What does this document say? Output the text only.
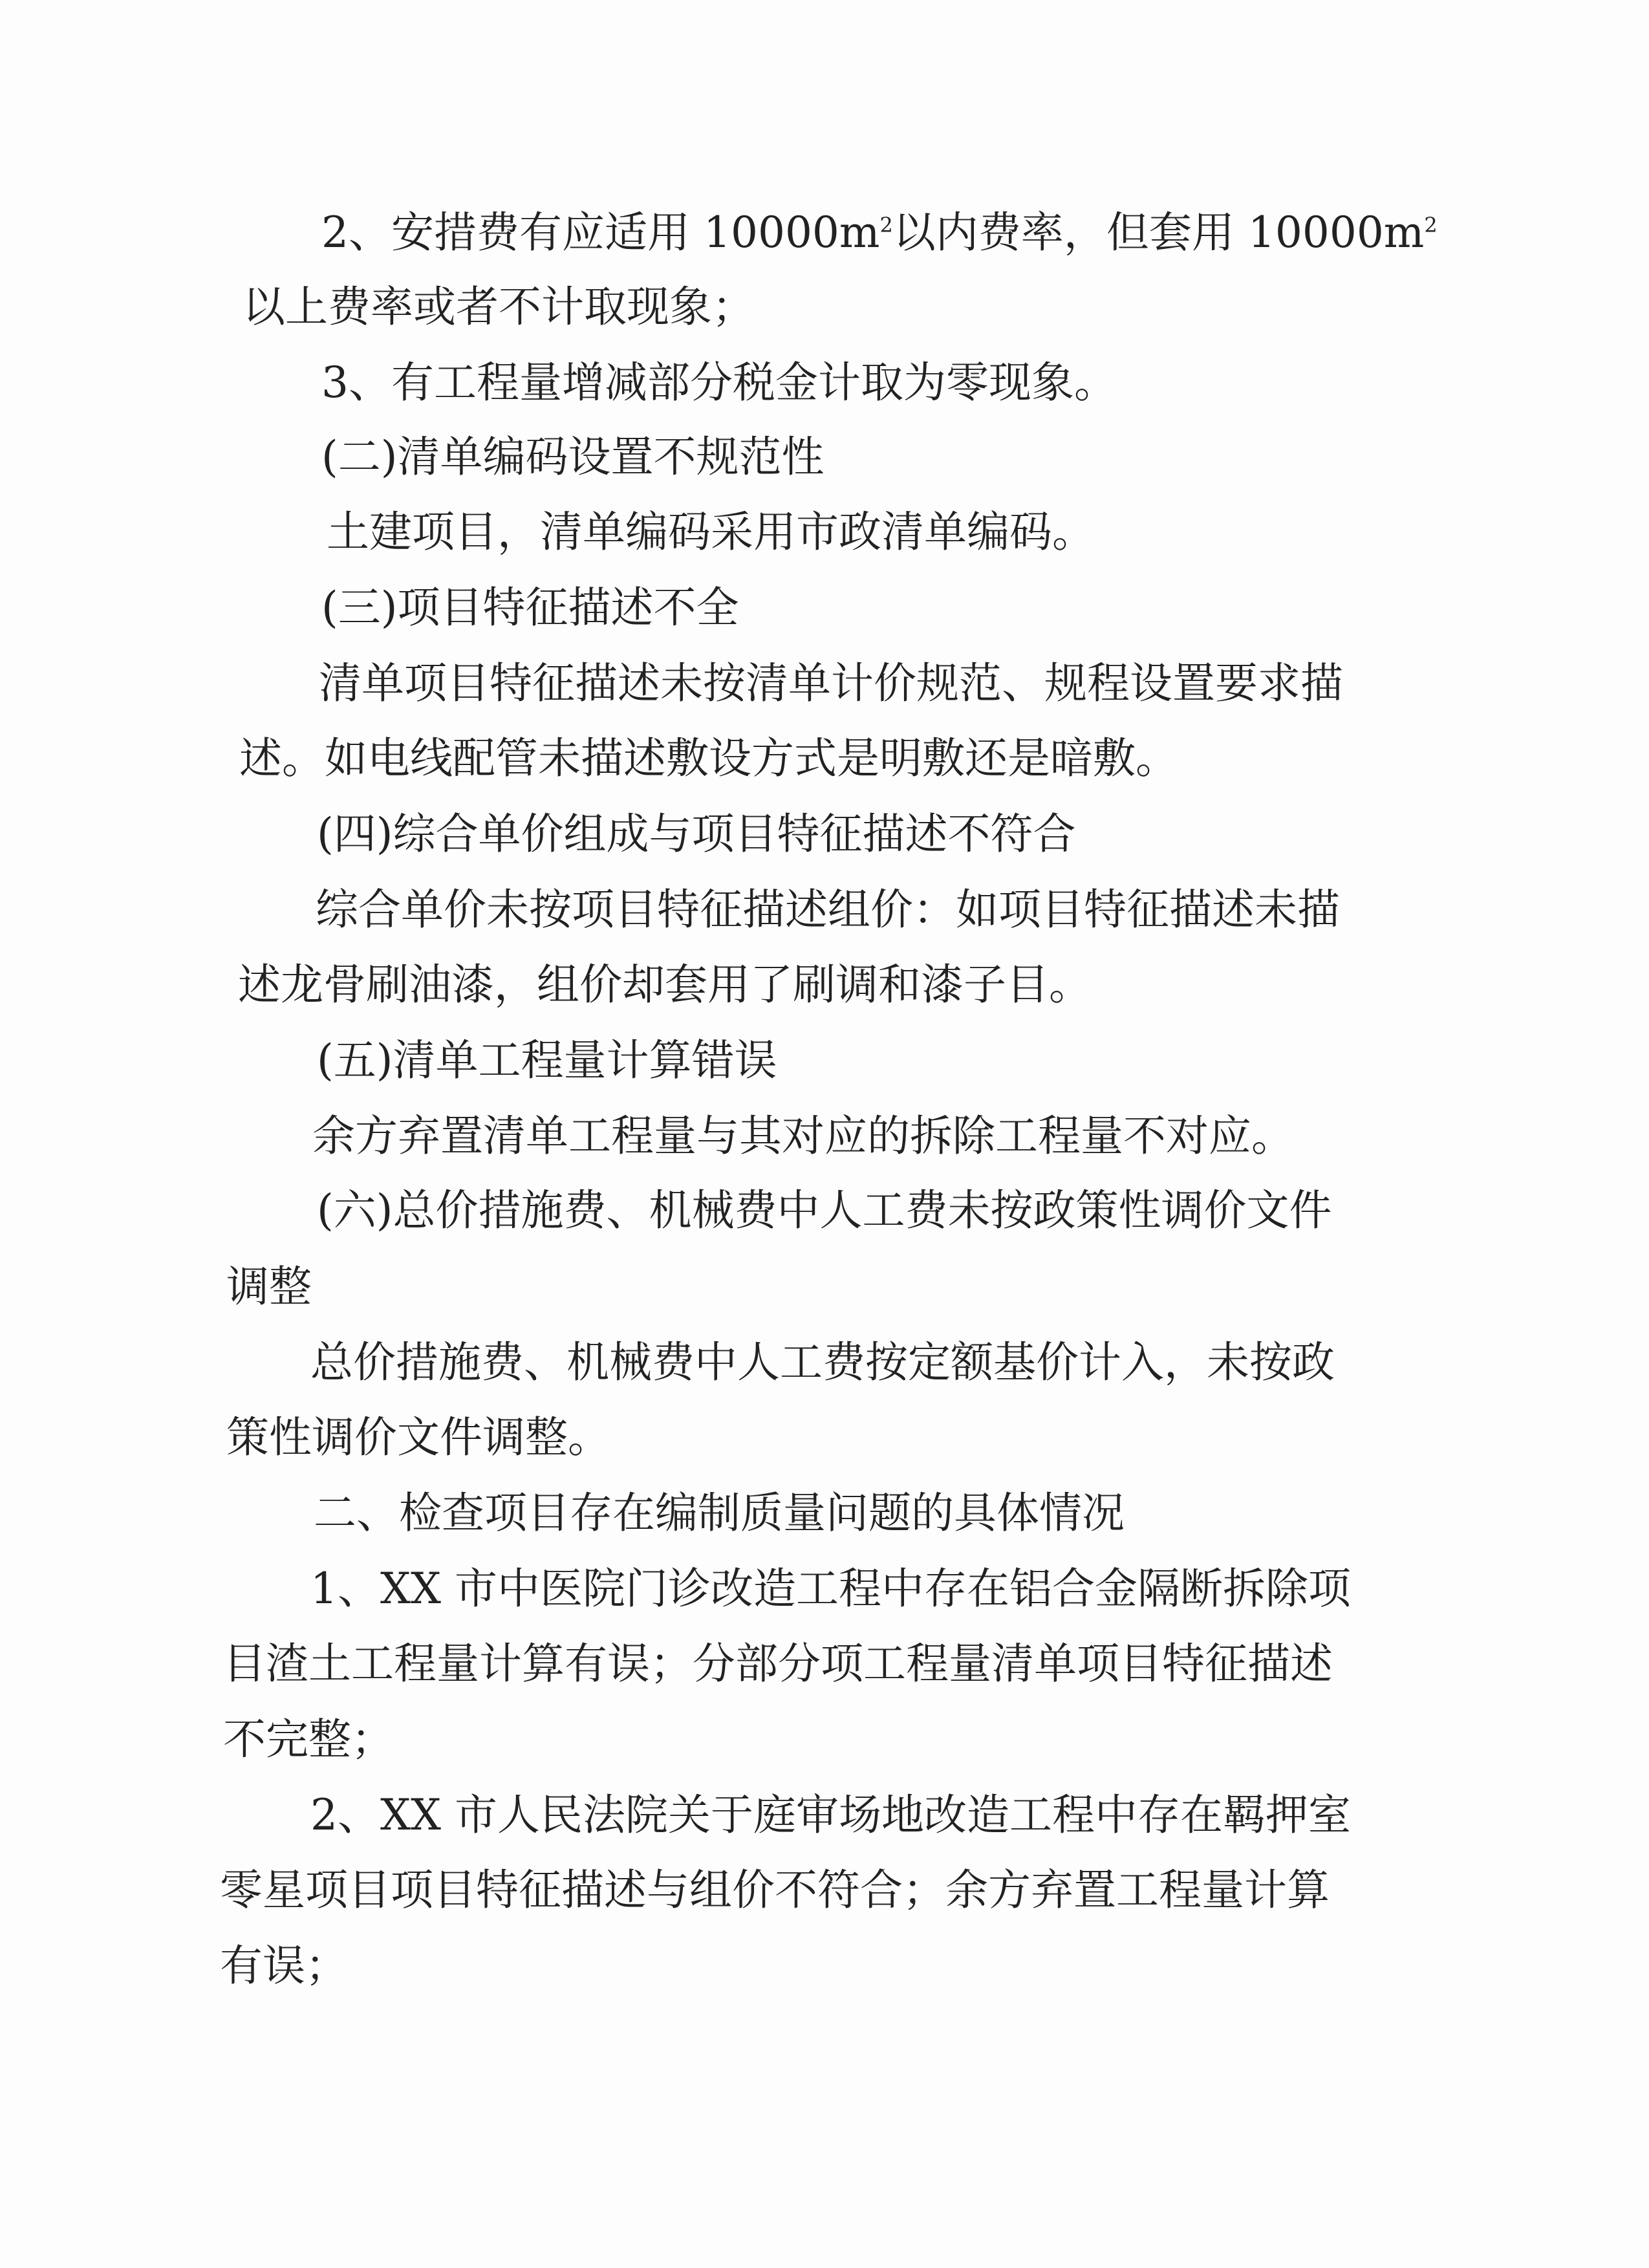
2、安措费有应适用 $10000m^2$以内费率，但套用 $10000m^2$
以上费率或者不计取现象；
3、有工程量增减部分税金计取为零现象。
(二)清单编码设置不规范性
土建项目，清单编码采用市政清单编码。
(三)项目特征描述不全
清单项目特征描述未按清单计价规范、规程设置要求描
述。如电线配管未描述敷设方式是明敷还是暗敷。
(四)综合单价组成与项目特征描述不符合
综合单价未按项目特征描述组价：如项目特征描述未描
述龙骨刷油漆，组价却套用了刷调和漆子目。
(五)清单工程量计算错误
余方弃置清单工程量与其对应的拆除工程量不对应。
(六)总价措施费、机械费中人工费未按政策性调价文件
调整
总价措施费、机械费中人工费按定额基价计入，未按政
策性调价文件调整。
二、检查项目存在编制质量问题的具体情况
1、XX 市中医院门诊改造工程中存在铝合金隔断拆除项
目渣土工程量计算有误；分部分项工程量清单项目特征描述
不完整；
2、XX 市人民法院关于庭审场地改造工程中存在羁押室
零星项目项目特征描述与组价不符合；余方弃置工程量计算
有误；
